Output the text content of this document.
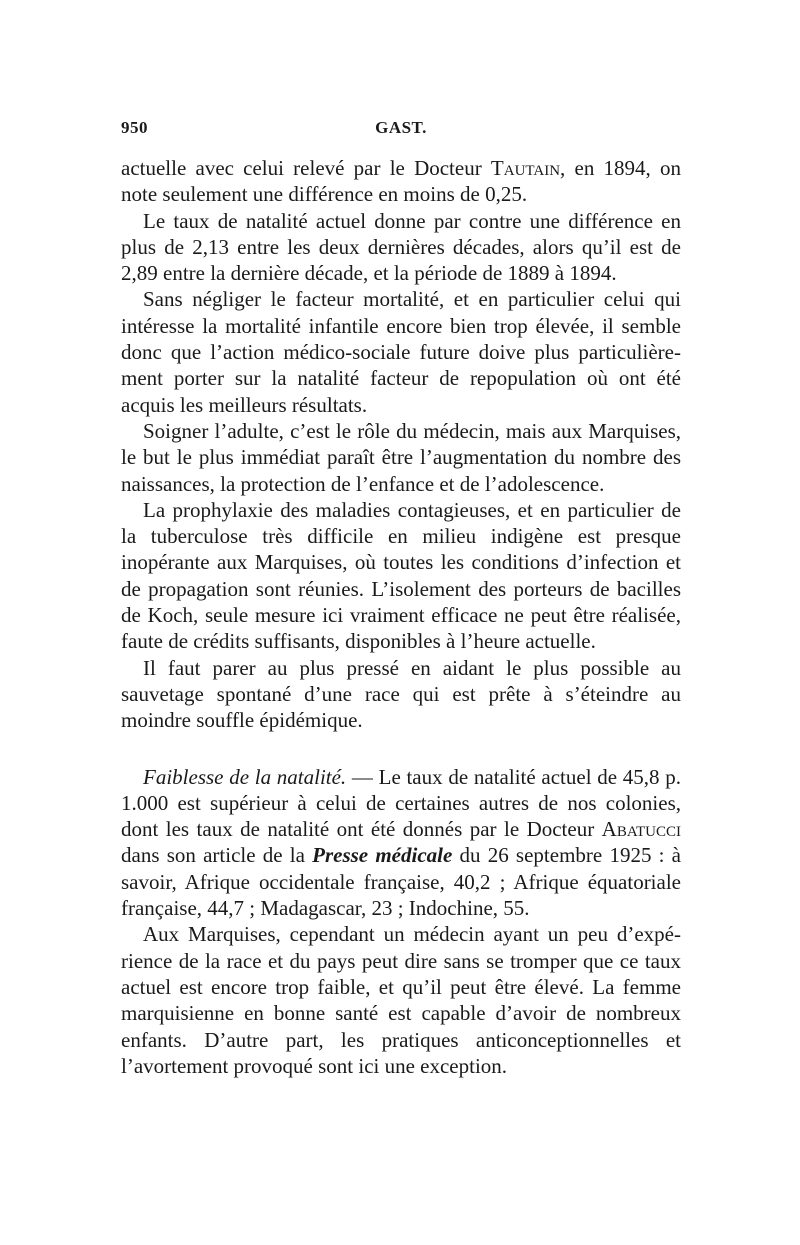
950	GAST.

actuelle avec celui relevé par le Docteur Tautain, en 1894, on note seulement une différence en moins de 0,25.

Le taux de natalité actuel donne par contre une différence en plus de 2,13 entre les deux dernières décades, alors qu’il est de 2,89 entre la dernière décade, et la période de 1889 à 1894.

Sans négliger le facteur mortalité, et en particulier celui qui intéresse la mortalité infantile encore bien trop élevée, il semble donc que l’action médico-sociale future doive plus particulièrement porter sur la natalité facteur de repopulation où ont été acquis les meilleurs résultats.

Soigner l’adulte, c’est le rôle du médecin, mais aux Marquises, le but le plus immédiat paraît être l’augmentation du nombre des naissances, la protection de l’enfance et de l’adolescence.

La prophylaxie des maladies contagieuses, et en particulier de la tuberculose très difficile en milieu indigène est presque inopérante aux Marquises, où toutes les conditions d’infection et de propagation sont réunies. L’isolement des porteurs de bacilles de Koch, seule mesure ici vraiment efficace ne peut être réalisée, faute de crédits suffisants, disponibles à l’heure actuelle.

Il faut parer au plus pressé en aidant le plus possible au sauvetage spontané d’une race qui est prête à s’éteindre au moindre souffle épidémique.

Faiblesse de la natalité. — Le taux de natalité actuel de 45,8 p. 1.000 est supérieur à celui de certaines autres de nos colonies, dont les taux de natalité ont été donnés par le Docteur Abatucci dans son article de la Presse médicale du 26 septembre 1925 : à savoir, Afrique occidentale française, 40,2 ; Afrique équatoriale française, 44,7 ; Madagascar, 23 ; Indochine, 55.

Aux Marquises, cependant un médecin ayant un peu d’expérience de la race et du pays peut dire sans se tromper que ce taux actuel est encore trop faible, et qu’il peut être élevé. La femme marquisienne en bonne santé est capable d’avoir de nombreux enfants. D’autre part, les pratiques anticonceptionnelles et l’avortement provoqué sont ici une exception.
